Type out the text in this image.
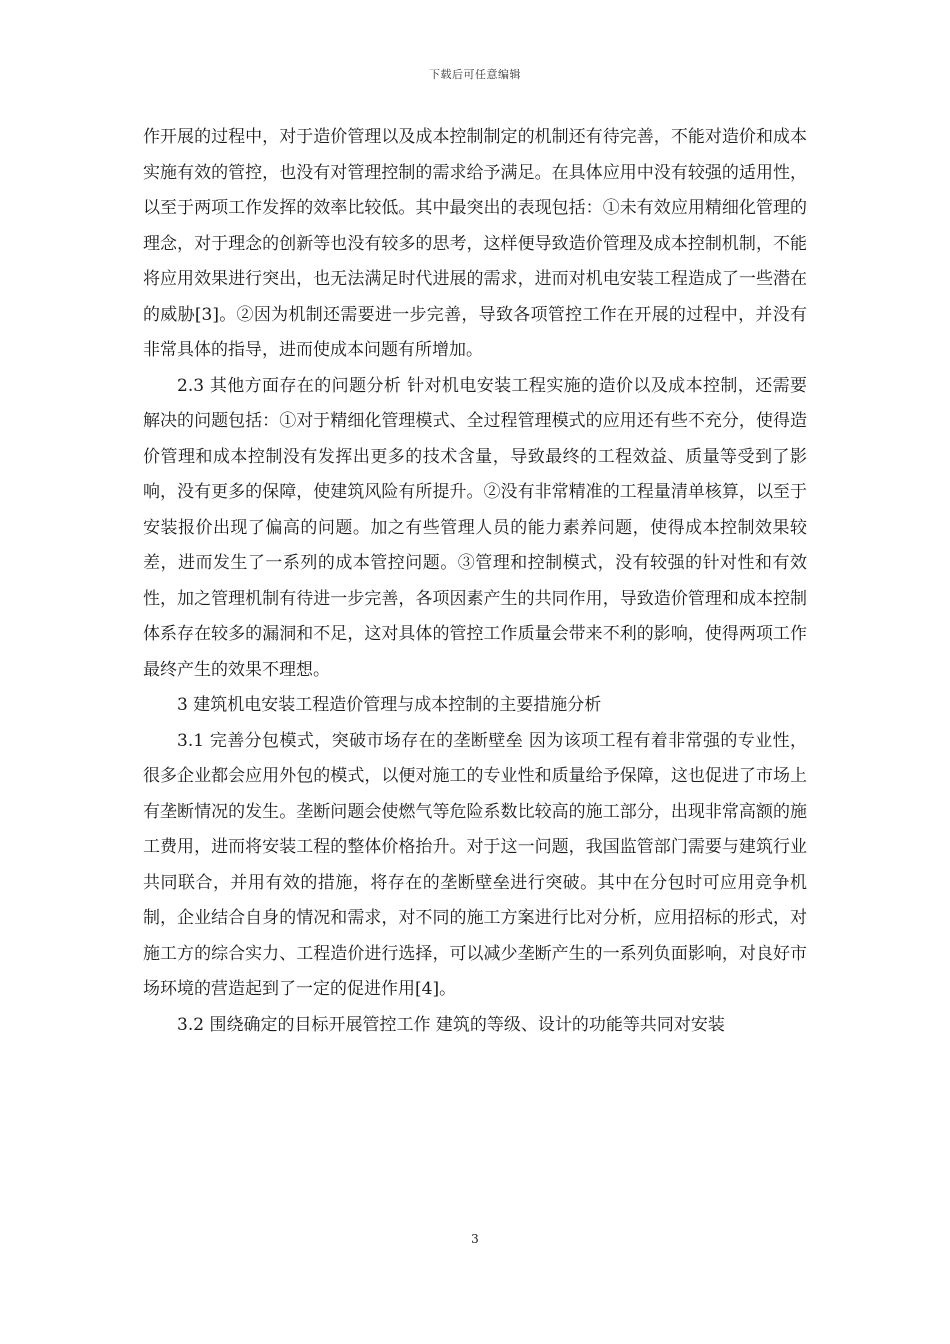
下载后可任意编辑

作开展的过程中，对于造价管理以及成本控制制定的机制还有待完善，不能对造价和成本实施有效的管控，也没有对管理控制的需求给予满足。在具体应用中没有较强的适用性，以至于两项工作发挥的效率比较低。其中最突出的表现包括：①未有效应用精细化管理的理念，对于理念的创新等也没有较多的思考，这样便导致造价管理及成本控制机制，不能将应用效果进行突出，也无法满足时代进展的需求，进而对机电安装工程造成了一些潜在的威胁[3]。②因为机制还需要进一步完善，导致各项管控工作在开展的过程中，并没有非常具体的指导，进而使成本问题有所增加。

2.3 其他方面存在的问题分析 针对机电安装工程实施的造价以及成本控制，还需要解决的问题包括：①对于精细化管理模式、全过程管理模式的应用还有些不充分，使得造价管理和成本控制没有发挥出更多的技术含量，导致最终的工程效益、质量等受到了影响，没有更多的保障，使建筑风险有所提升。②没有非常精准的工程量清单核算，以至于安装报价出现了偏高的问题。加之有些管理人员的能力素养问题，使得成本控制效果较差，进而发生了一系列的成本管控问题。③管理和控制模式，没有较强的针对性和有效性，加之管理机制有待进一步完善，各项因素产生的共同作用，导致造价管理和成本控制体系存在较多的漏洞和不足，这对具体的管控工作质量会带来不利的影响，使得两项工作最终产生的效果不理想。

3 建筑机电安装工程造价管理与成本控制的主要措施分析

3.1 完善分包模式，突破市场存在的垄断壁垒 因为该项工程有着非常强的专业性，很多企业都会应用外包的模式，以便对施工的专业性和质量给予保障，这也促进了市场上有垄断情况的发生。垄断问题会使燃气等危险系数比较高的施工部分，出现非常高额的施工费用，进而将安装工程的整体价格抬升。对于这一问题，我国监管部门需要与建筑行业共同联合，并用有效的措施，将存在的垄断壁垒进行突破。其中在分包时可应用竞争机制，企业结合自身的情况和需求，对不同的施工方案进行比对分析，应用招标的形式，对施工方的综合实力、工程造价进行选择，可以减少垄断产生的一系列负面影响，对良好市场环境的营造起到了一定的促进作用[4]。

3.2 围绕确定的目标开展管控工作 建筑的等级、设计的功能等共同对安装

3
